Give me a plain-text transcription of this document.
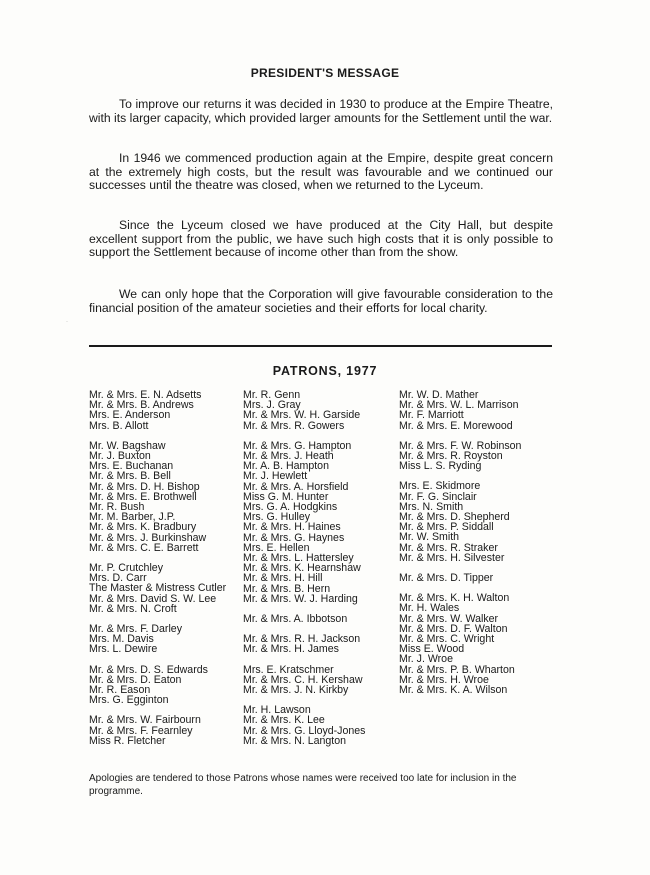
PRESIDENT'S MESSAGE

To improve our returns it was decided in 1930 to produce at the Empire Theatre, with its larger capacity, which provided larger amounts for the Settlement until the war.

In 1946 we commenced production again at the Empire, despite great concern at the extremely high costs, but the result was favourable and we continued our successes until the theatre was closed, when we returned to the Lyceum.

Since the Lyceum closed we have produced at the City Hall, but despite excellent support from the public, we have such high costs that it is only possible to support the Settlement because of income other than from the show.

We can only hope that the Corporation will give favourable consideration to the financial position of the amateur societies and their efforts for local charity.

·
PATRONS, 1977
Mr. & Mrs. E. N. Adsetts
Mr. & Mrs. B. Andrews
Mrs. E. Anderson
Mrs. B. Allott
Mr. W. Bagshaw
Mr. J. Buxton
Mrs. E. Buchanan
Mr. & Mrs. B. Bell
Mr. & Mrs. D. H. Bishop
Mr. & Mrs. E. Brothwell
Mr. R. Bush
Mr. M. Barber, J.P.
Mr. & Mrs. K. Bradbury
Mr. & Mrs. J. Burkinshaw
Mr. & Mrs. C. E. Barrett
Mr. P. Crutchley
Mrs. D. Carr
The Master & Mistress Cutler
Mr. & Mrs. David S. W. Lee
Mr. & Mrs. N. Croft
Mr. & Mrs. F. Darley
Mrs. M. Davis
Mrs. L. Dewire
Mr. & Mrs. D. S. Edwards
Mr. & Mrs. D. Eaton
Mr. R. Eason
Mrs. G. Egginton
Mr. & Mrs. W. Fairbourn
Mr. & Mrs. F. Fearnley
Miss R. Fletcher
Mr. R. Genn
Mrs. J. Gray
Mr. & Mrs. W. H. Garside
Mr. & Mrs. R. Gowers
Mr. & Mrs. G. Hampton
Mr. & Mrs. J. Heath
Mr. A. B. Hampton
Mr. J. Hewlett
Mr. & Mrs. A. Horsfield
Miss G. M. Hunter
Mrs. G. A. Hodgkins
Mrs. G. Hulley
Mr. & Mrs. H. Haines
Mr. & Mrs. G. Haynes
Mrs. E. Hellen
Mr. & Mrs. L. Hattersley
Mr. & Mrs. K. Hearnshaw
Mr. & Mrs. H. Hill
Mr. & Mrs. B. Hern
Mr. & Mrs. W. J. Harding
Mr. & Mrs. A. Ibbotson
Mr. & Mrs. R. H. Jackson
Mr. & Mrs. H. James
Mrs. E. Kratschmer
Mr. & Mrs. C. H. Kershaw
Mr. & Mrs. J. N. Kirkby
Mr. H. Lawson
Mr. & Mrs. K. Lee
Mr. & Mrs. G. Lloyd-Jones
Mr. & Mrs. N. Langton
Mr. W. D. Mather
Mr. & Mrs. W. L. Marrison
Mr. F. Marriott
Mr. & Mrs. E. Morewood
Mr. & Mrs. F. W. Robinson
Mr. & Mrs. R. Royston
Miss L. S. Ryding
Mrs. E. Skidmore
Mr. F. G. Sinclair
Mrs. N. Smith
Mr. & Mrs. D. Shepherd
Mr. & Mrs. P. Siddall
Mr. W. Smith
Mr. & Mrs. R. Straker
Mr. & Mrs. H. Silvester
Mr. & Mrs. D. Tipper
Mr. & Mrs. K. H. Walton
Mr. H. Wales
Mr. & Mrs. W. Walker
Mr. & Mrs. D. F. Walton
Mr. & Mrs. C. Wright
Miss E. Wood
Mr. J. Wroe
Mr. & Mrs. P. B. Wharton
Mr. & Mrs. H. Wroe
Mr. & Mrs. K. A. Wilson

Apologies are tendered to those Patrons whose names were received too late for inclusion in the programme.
